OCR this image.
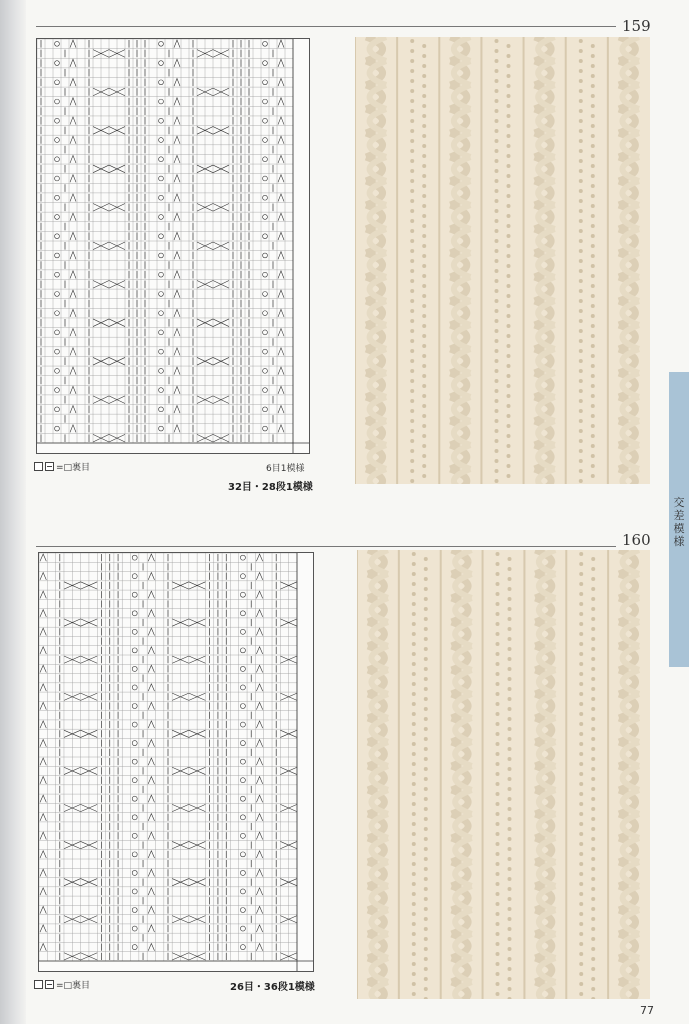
159
=□裏目	6目1模様
32目・28段1模様
160
=□裏目	26目・36段1模様
交
差
模
様
77
